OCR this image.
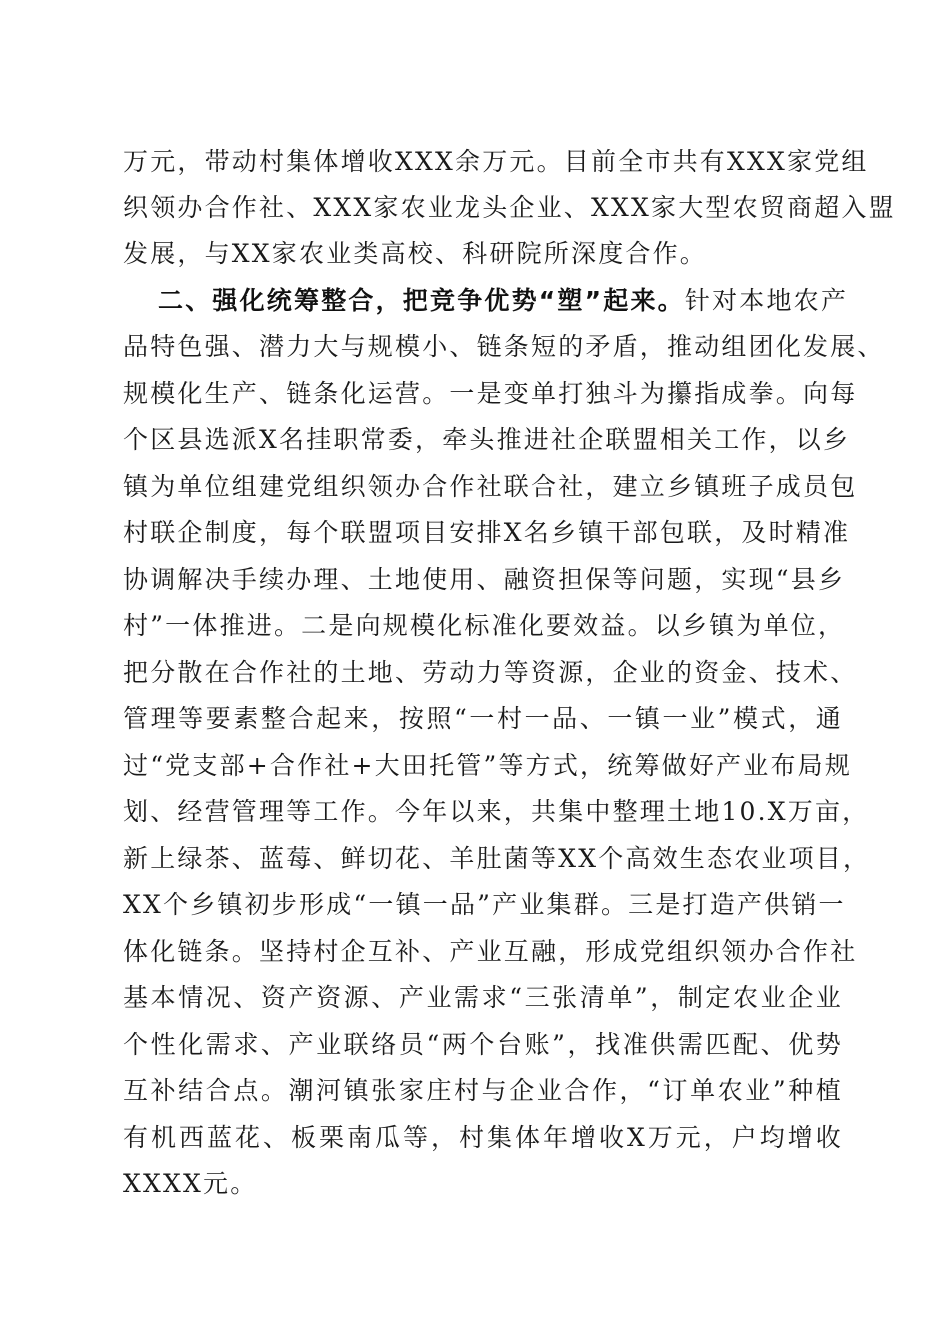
万元，带动村集体增收XXX余万元。目前全市共有XXX家党组
织领办合作社、XXX家农业龙头企业、XXX家大型农贸商超入盟
发展，与XX家农业类高校、科研院所深度合作。
二、强化统筹整合，把竞争优势“塑”起来。针对本地农产
品特色强、潜力大与规模小、链条短的矛盾，推动组团化发展、
规模化生产、链条化运营。一是变单打独斗为攥指成拳。向每
个区县选派X名挂职常委，牵头推进社企联盟相关工作，以乡
镇为单位组建党组织领办合作社联合社，建立乡镇班子成员包
村联企制度，每个联盟项目安排X名乡镇干部包联，及时精准
协调解决手续办理、土地使用、融资担保等问题，实现“县乡
村”一体推进。二是向规模化标准化要效益。以乡镇为单位，
把分散在合作社的土地、劳动力等资源，企业的资金、技术、
管理等要素整合起来，按照“一村一品、一镇一业”模式，通
过“党支部+合作社+大田托管”等方式，统筹做好产业布局规
划、经营管理等工作。今年以来，共集中整理土地10.X万亩，
新上绿茶、蓝莓、鲜切花、羊肚菌等XX个高效生态农业项目，
XX个乡镇初步形成“一镇一品”产业集群。三是打造产供销一
体化链条。坚持村企互补、产业互融，形成党组织领办合作社
基本情况、资产资源、产业需求“三张清单”，制定农业企业
个性化需求、产业联络员“两个台账”，找准供需匹配、优势
互补结合点。潮河镇张家庄村与企业合作，“订单农业”种植
有机西蓝花、板栗南瓜等，村集体年增收X万元，户均增收
XXXX元。
